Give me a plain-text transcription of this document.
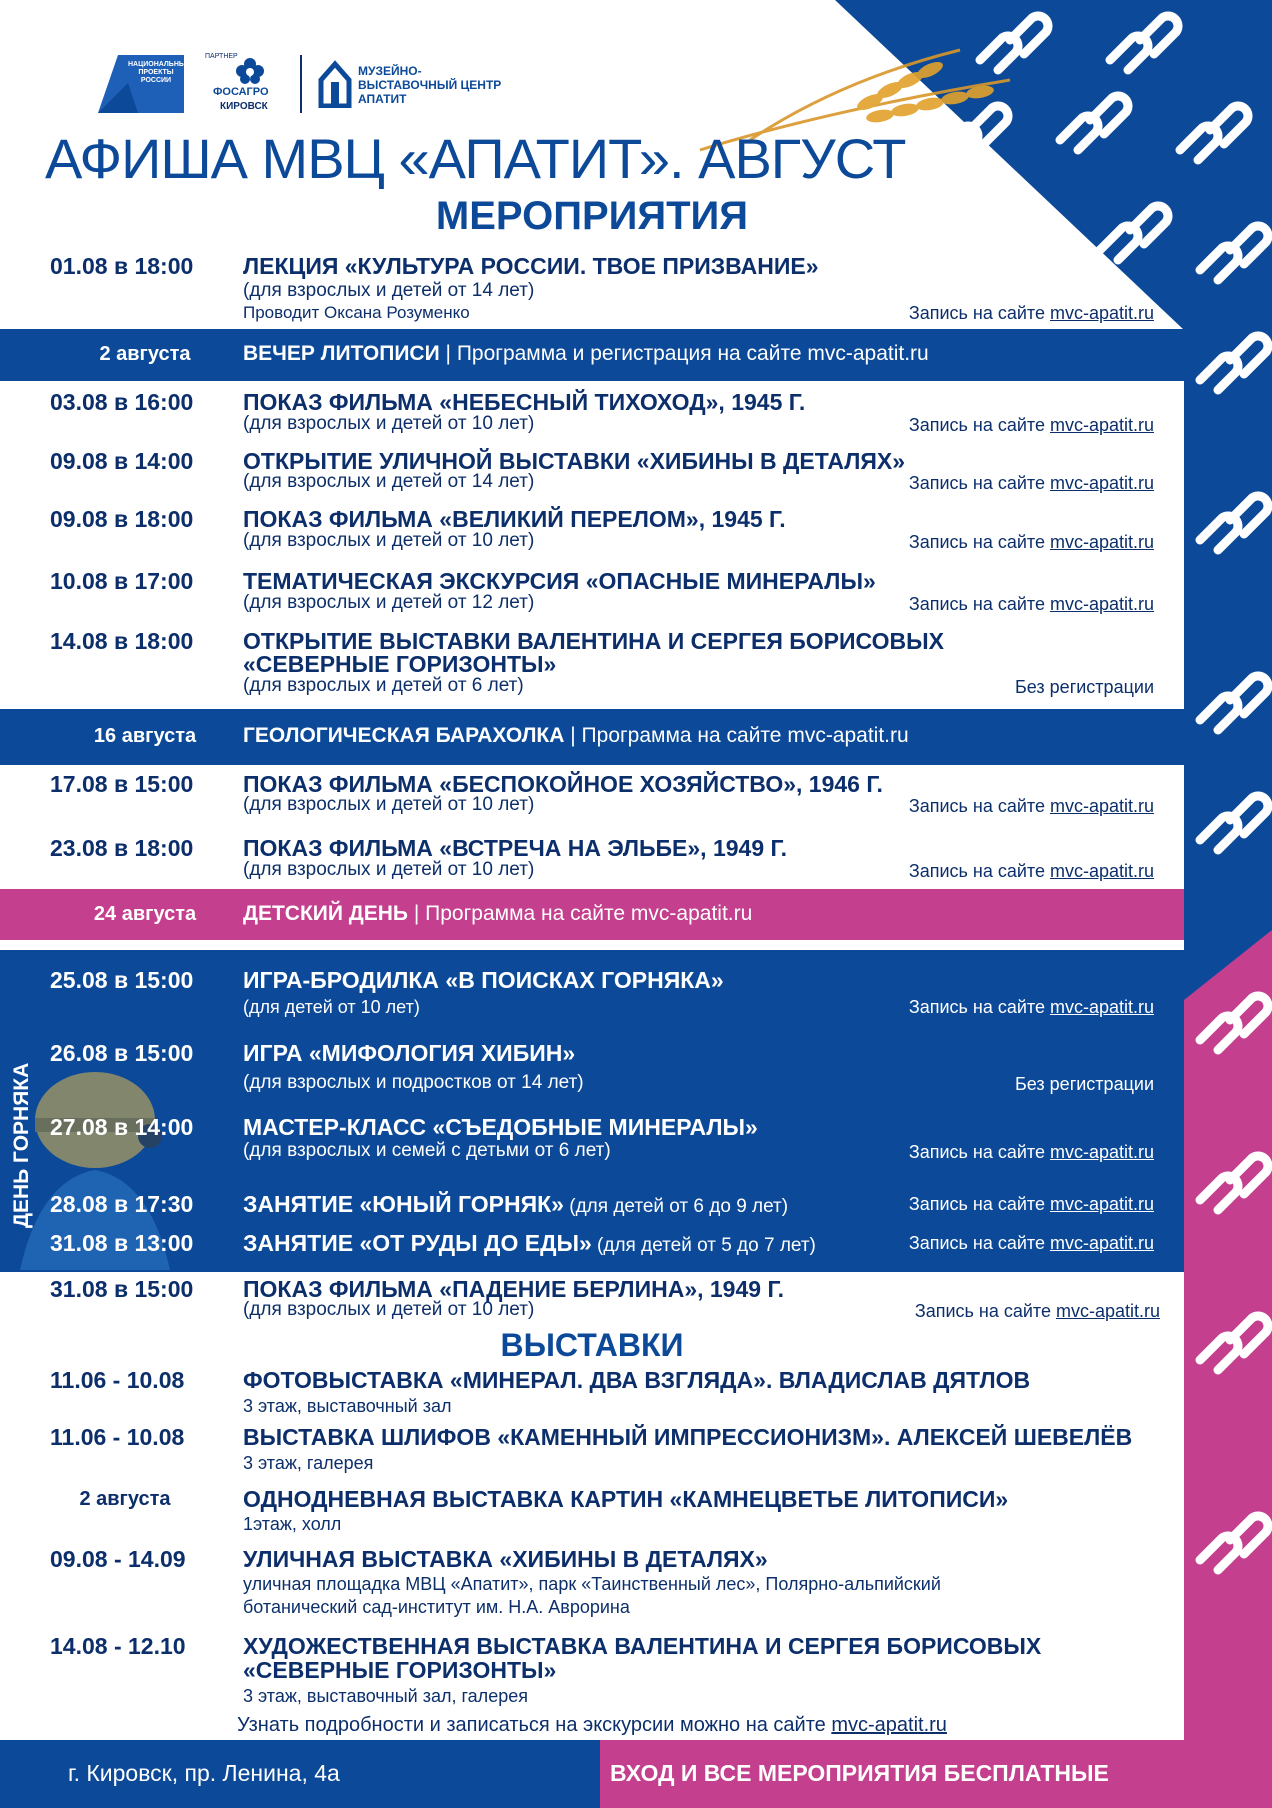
НАЦИОНАЛЬНЫЕ ПРОЕКТЫ РОССИИ
ПАРТНЕР
ФОСАГРО
КИРОВСК
МУЗЕЙНО-
ВЫСТАВОЧНЫЙ ЦЕНТР
АПАТИТ
АФИША МВЦ «АПАТИТ». АВГУСТ
МЕРОПРИЯТИЯ
01.08 в 18:00	ЛЕКЦИЯ «КУЛЬТУРА РОССИИ. ТВОЕ ПРИЗВАНИЕ»
(для взрослых и детей от 14 лет)
Проводит Оксана Розуменко	Запись на сайте mvc-apatit.ru
2 августа	ВЕЧЕР ЛИТОПИСИ | Программа и регистрация на сайте mvc-apatit.ru
03.08 в 16:00	ПОКАЗ ФИЛЬМА «НЕБЕСНЫЙ ТИХОХОД», 1945 Г.
(для взрослых и детей от 10 лет)	Запись на сайте mvc-apatit.ru
09.08 в 14:00	ОТКРЫТИЕ УЛИЧНОЙ ВЫСТАВКИ «ХИБИНЫ В ДЕТАЛЯХ»
(для взрослых и детей от 14 лет)	Запись на сайте mvc-apatit.ru
09.08 в 18:00	ПОКАЗ ФИЛЬМА «ВЕЛИКИЙ ПЕРЕЛОМ», 1945 Г.
(для взрослых и детей от 10 лет)	Запись на сайте mvc-apatit.ru
10.08 в 17:00	ТЕМАТИЧЕСКАЯ ЭКСКУРСИЯ «ОПАСНЫЕ МИНЕРАЛЫ»
(для взрослых и детей от 12 лет)	Запись на сайте mvc-apatit.ru
14.08 в 18:00	ОТКРЫТИЕ ВЫСТАВКИ ВАЛЕНТИНА И СЕРГЕЯ БОРИСОВЫХ
«СЕВЕРНЫЕ ГОРИЗОНТЫ»
(для взрослых и детей от 6 лет)	Без регистрации
16 августа	ГЕОЛОГИЧЕСКАЯ БАРАХОЛКА | Программа на сайте mvc-apatit.ru
17.08 в 15:00	ПОКАЗ ФИЛЬМА «БЕСПОКОЙНОЕ ХОЗЯЙСТВО», 1946 Г.
(для взрослых и детей от 10 лет)	Запись на сайте mvc-apatit.ru
23.08 в 18:00	ПОКАЗ ФИЛЬМА «ВСТРЕЧА НА ЭЛЬБЕ», 1949 Г.
(для взрослых и детей от 10 лет)	Запись на сайте mvc-apatit.ru
24 августа	ДЕТСКИЙ ДЕНЬ | Программа на сайте mvc-apatit.ru
ДЕНЬ ГОРНЯКА
25.08 в 15:00	ИГРА-БРОДИЛКА «В ПОИСКАХ ГОРНЯКА»
(для детей от 10 лет)	Запись на сайте mvc-apatit.ru
26.08 в 15:00	ИГРА «МИФОЛОГИЯ ХИБИН»
(для взрослых и подростков от 14 лет)	Без регистрации
27.08 в 14:00	МАСТЕР-КЛАСС «СЪЕДОБНЫЕ МИНЕРАЛЫ»
(для взрослых и семей с детьми от 6 лет)	Запись на сайте mvc-apatit.ru
28.08 в 17:30	ЗАНЯТИЕ «ЮНЫЙ ГОРНЯК» (для детей от 6 до 9 лет)	Запись на сайте mvc-apatit.ru
31.08 в 13:00	ЗАНЯТИЕ «ОТ РУДЫ ДО ЕДЫ» (для детей от 5 до 7 лет)	Запись на сайте mvc-apatit.ru
31.08 в 15:00	ПОКАЗ ФИЛЬМА «ПАДЕНИЕ БЕРЛИНА», 1949 Г.
(для взрослых и детей от 10 лет)	Запись на сайте mvc-apatit.ru
ВЫСТАВКИ
11.06 - 10.08	ФОТОВЫСТАВКА «МИНЕРАЛ. ДВА ВЗГЛЯДА». ВЛАДИСЛАВ ДЯТЛОВ
3 этаж, выставочный зал
11.06 - 10.08	ВЫСТАВКА ШЛИФОВ «КАМЕННЫЙ ИМПРЕССИОНИЗМ». АЛЕКСЕЙ ШЕВЕЛЁВ
3 этаж, галерея
2 августа	ОДНОДНЕВНАЯ ВЫСТАВКА КАРТИН «КАМНЕЦВЕТЬЕ ЛИТОПИСИ»
1этаж, холл
09.08 - 14.09	УЛИЧНАЯ ВЫСТАВКА «ХИБИНЫ В ДЕТАЛЯХ»
уличная площадка МВЦ «Апатит», парк «Таинственный лес», Полярно-альпийский
ботанический сад-институт им. Н.А. Аврорина
14.08 - 12.10	ХУДОЖЕСТВЕННАЯ ВЫСТАВКА ВАЛЕНТИНА И СЕРГЕЯ БОРИСОВЫХ
«СЕВЕРНЫЕ ГОРИЗОНТЫ»
3 этаж, выставочный зал, галерея
Узнать подробности и записаться на экскурсии можно на сайте mvc-apatit.ru
г. Кировск, пр. Ленина, 4а	ВХОД И ВСЕ МЕРОПРИЯТИЯ БЕСПЛАТНЫЕ
